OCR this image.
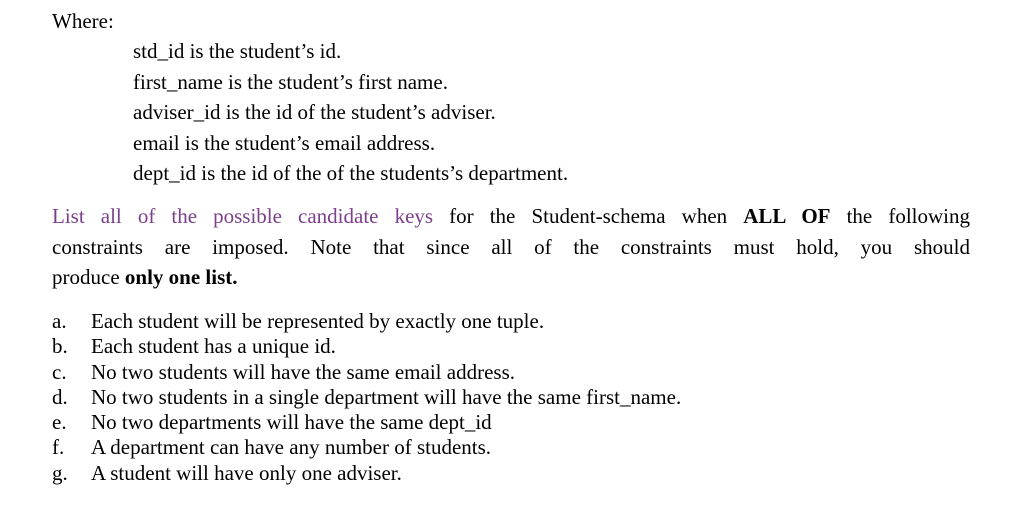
Where:
std_id is the student’s id.
first_name is the student’s first name.
adviser_id is the id of the student’s adviser.
email is the student’s email address.
dept_id is the id of the of the students’s department.
List all of the possible candidate keys for the Student-schema when ALL OF the following
constraints are imposed. Note that since all of the constraints must hold, you should
produce only one list.
a.	Each student will be represented by exactly one tuple.
b.	Each student has a unique id.
c.	No two students will have the same email address.
d.	No two students in a single department will have the same first_name.
e.	No two departments will have the same dept_id
f.	A department can have any number of students.
g.	A student will have only one adviser.
